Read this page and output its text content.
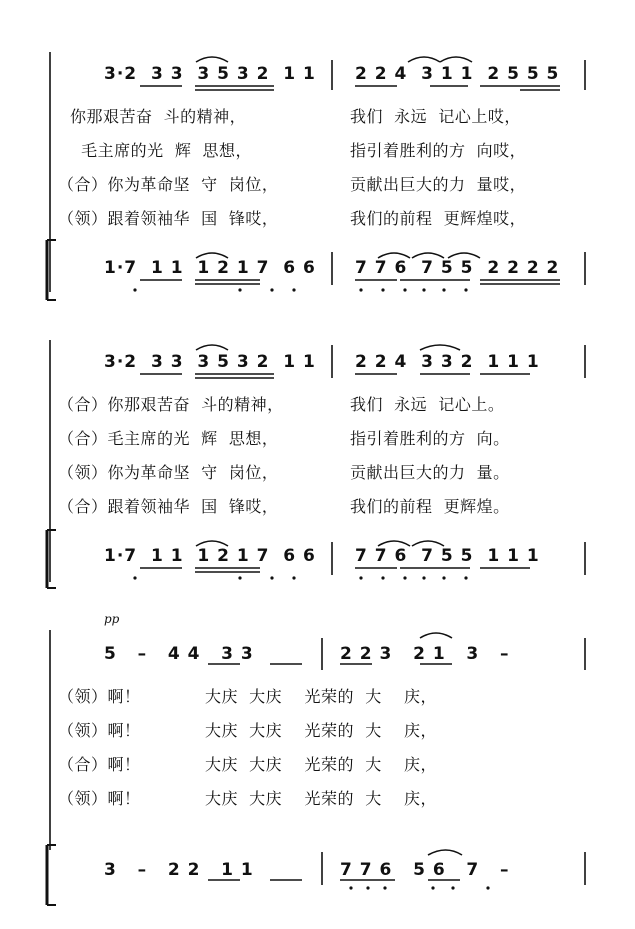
3·2  3 3  3 5 3 2  1 1 2 2 4  3 1 1  2 5 5 5
你那艰苦奋  斗的精神，	我们  永远  记心上哎，
毛主席的光  辉  思想，	指引着胜利的方  向哎，
（合）你为革命坚  守  岗位，	贡献出巨大的力  量哎，
（领）跟着领袖华  国  锋哎，	我们的前程  更辉煌哎，
1·7  1 1  1 2 1 7  6 6 7 7 6  7 5 5  2 2 2 2
3·2  3 3  3 5 3 2  1 1 2 2 4  3 3 2  1 1 1
（合）你那艰苦奋  斗的精神，	我们  永远  记心上。
（合）毛主席的光  辉  思想，	指引着胜利的方  向。
（领）你为革命坚  守  岗位，	贡献出巨大的力  量。
（合）跟着领袖华  国  锋哎，	我们的前程  更辉煌。
1·7  1 1  1 2 1 7  6 6 7 7 6  7 5 5  1 1 1
pp
5   –   4 4   3 3	2 2 3   2 1   3   –
（领）啊！	大庆  大庆    光荣的  大    庆，
（领）啊！	大庆  大庆    光荣的  大    庆，
（合）啊！	大庆  大庆    光荣的  大    庆，
（领）啊！	大庆  大庆    光荣的  大    庆，
3   –   2 2   1 1	7 7 6   5 6   7   –
